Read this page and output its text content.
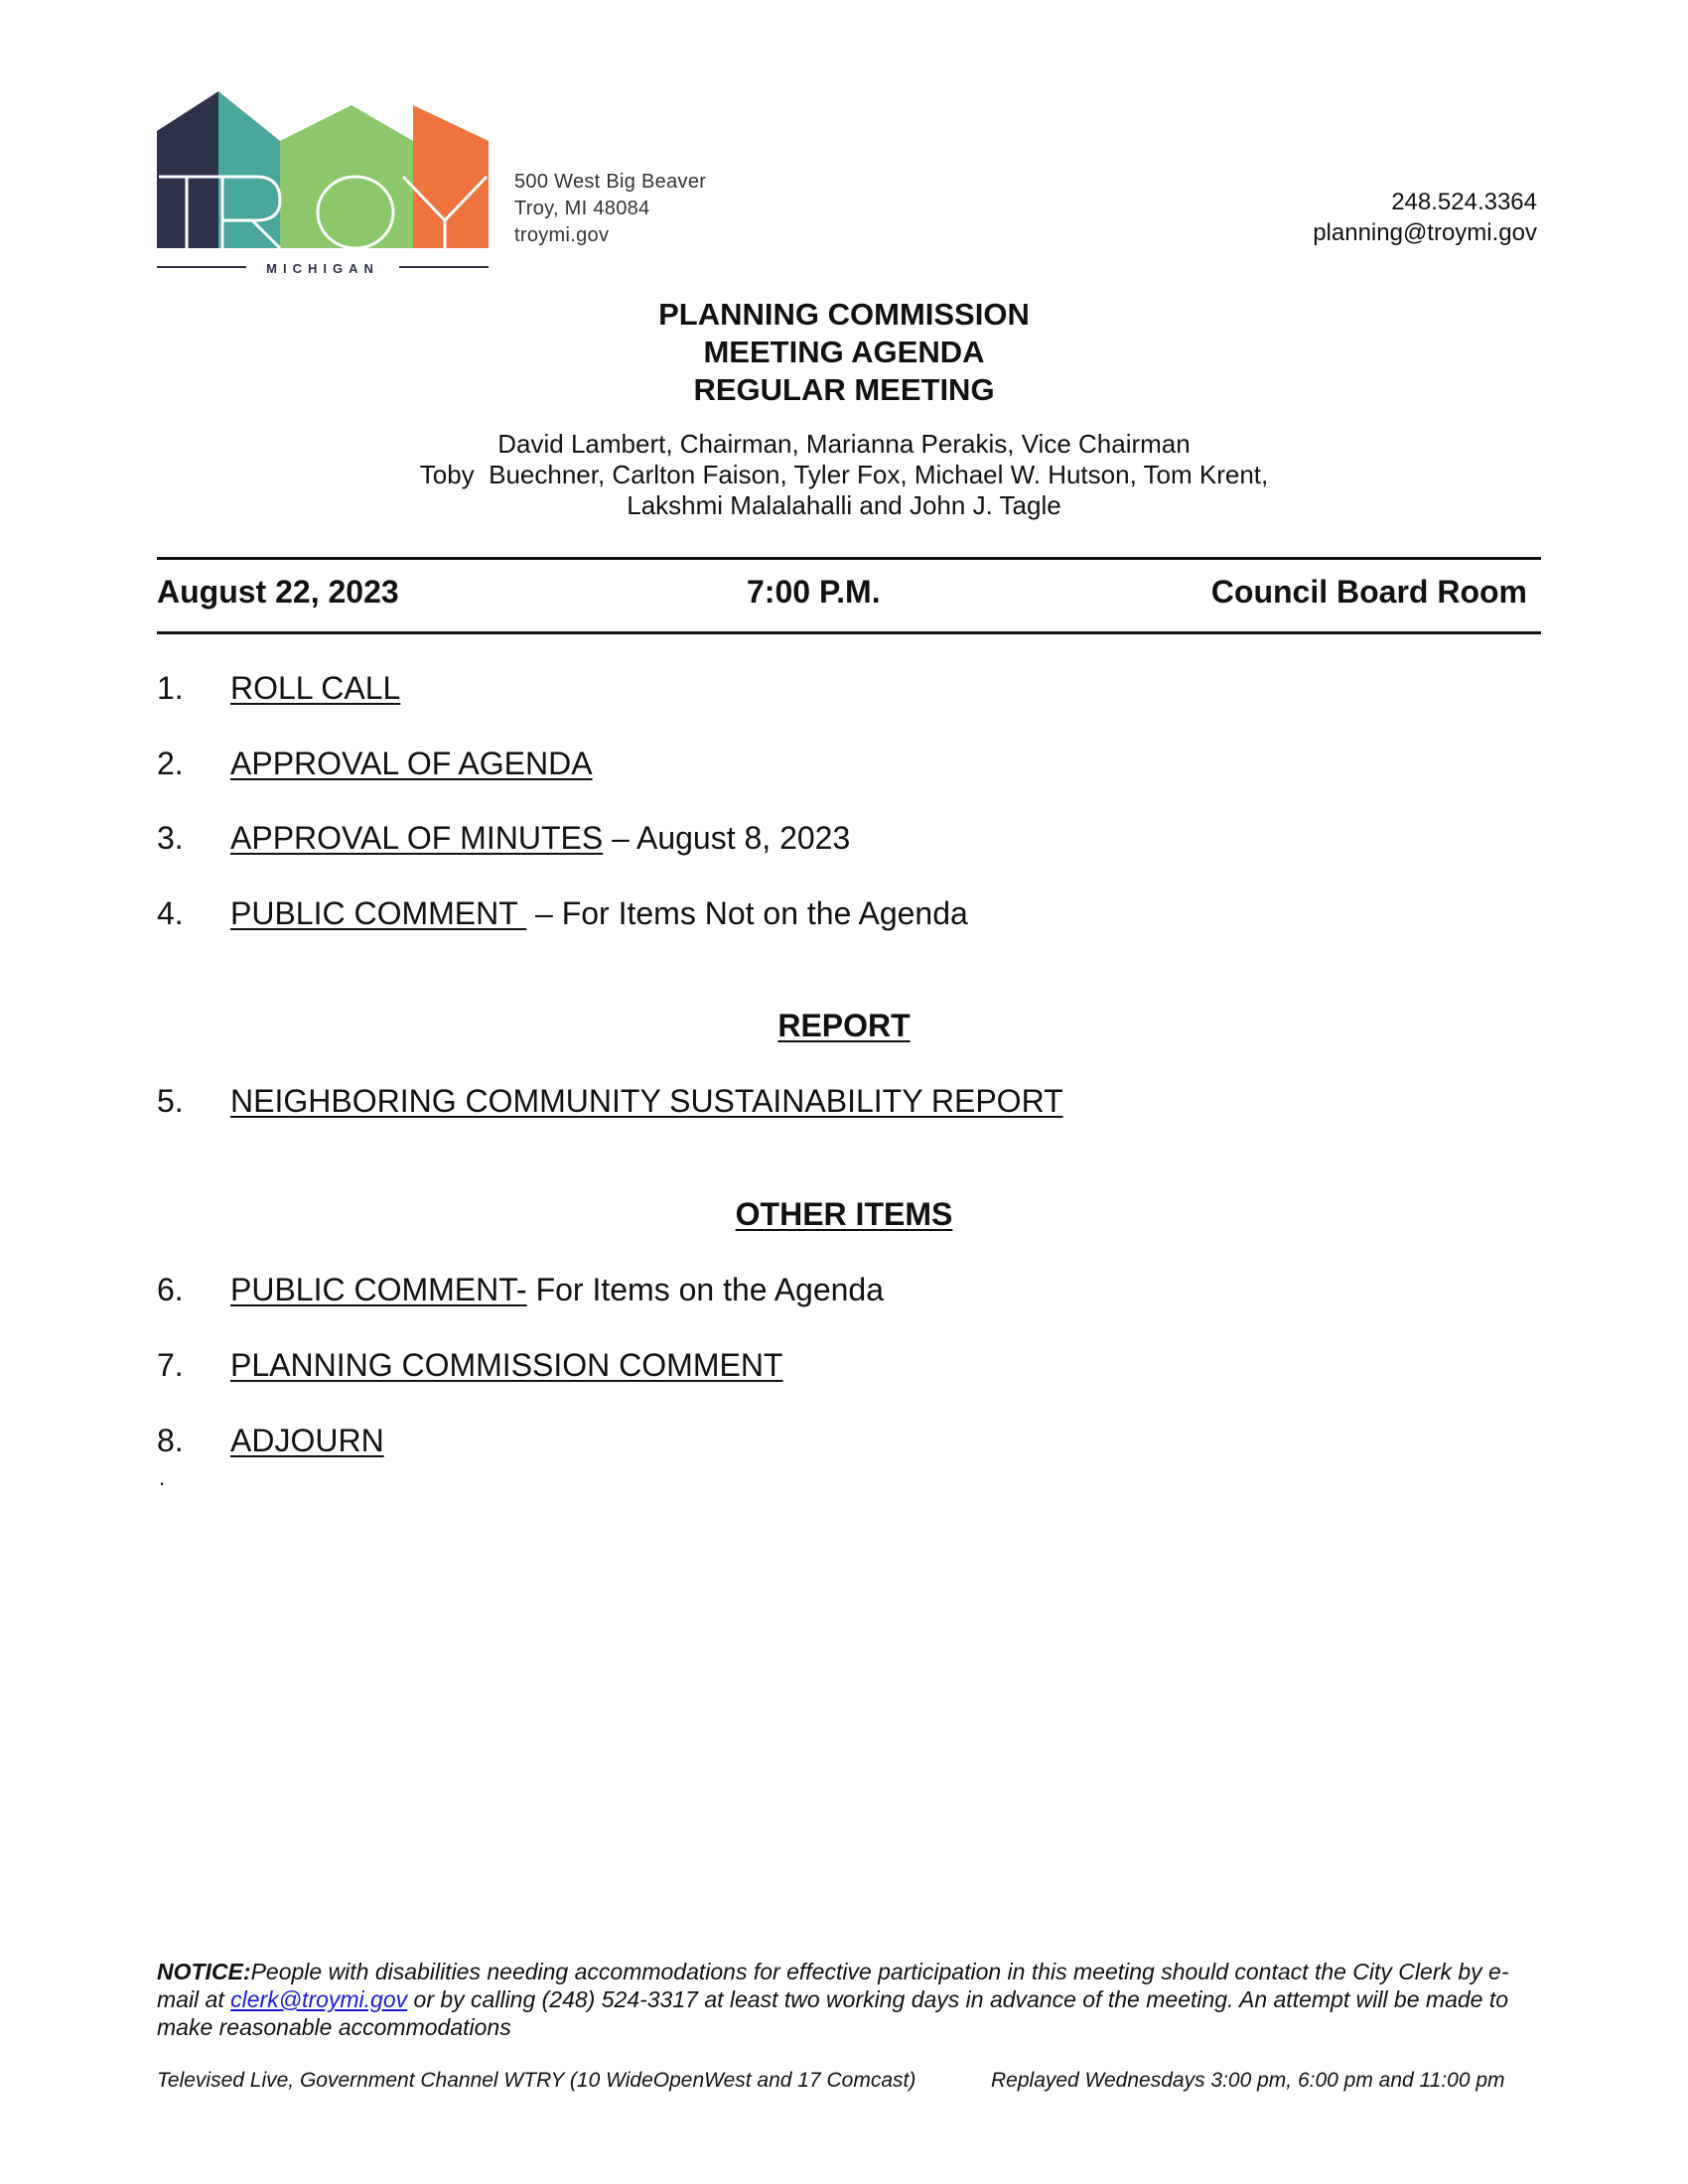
MICHIGAN
500 West Big Beaver
Troy, MI 48084
troymi.gov
248.524.3364
planning@troymi.gov
PLANNING COMMISSION
MEETING AGENDA
REGULAR MEETING
David Lambert, Chairman, Marianna Perakis, Vice Chairman
Toby  Buechner, Carlton Faison, Tyler Fox, Michael W. Hutson, Tom Krent,
Lakshmi Malalahalli and John J. Tagle
August 22, 2023	7:00 P.M.	Council Board Room
1. ROLL CALL
2. APPROVAL OF AGENDA
3. APPROVAL OF MINUTES – August 8, 2023
4. PUBLIC COMMENT  – For Items Not on the Agenda
REPORT
5. NEIGHBORING COMMUNITY SUSTAINABILITY REPORT
OTHER ITEMS
6. PUBLIC COMMENT- For Items on the Agenda
7. PLANNING COMMISSION COMMENT
8. ADJOURN
.
NOTICE:People with disabilities needing accommodations for effective participation in this meeting should contact the City Clerk by e-mail at clerk@troymi.gov or by calling (248) 524-3317 at least two working days in advance of the meeting. An attempt will be made to make reasonable accommodations
Televised Live, Government Channel WTRY (10 WideOpenWest and 17 Comcast)	Replayed Wednesdays 3:00 pm, 6:00 pm and 11:00 pm
